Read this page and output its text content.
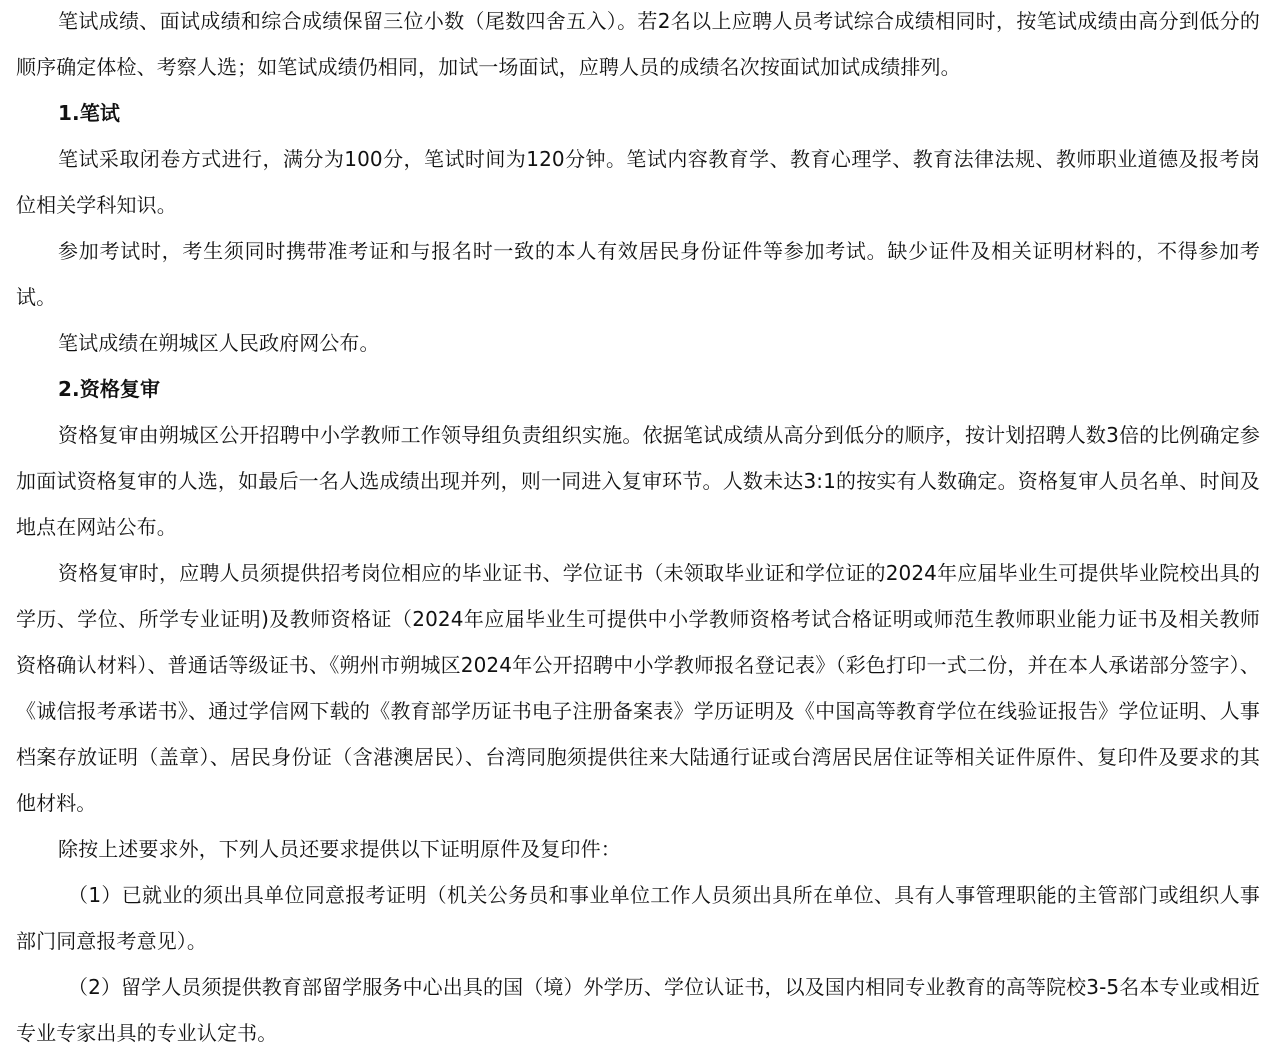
笔试成绩、面试成绩和综合成绩保留三位小数（尾数四舍五入）。若2名以上应聘人员考试综合成绩相同时，按笔试成绩由高分到低分的顺序确定体检、考察人选；如笔试成绩仍相同，加试一场面试，应聘人员的成绩名次按面试加试成绩排列。

1.笔试

笔试采取闭卷方式进行，满分为100分，笔试时间为120分钟。笔试内容教育学、教育心理学、教育法律法规、教师职业道德及报考岗位相关学科知识。

参加考试时，考生须同时携带准考证和与报名时一致的本人有效居民身份证件等参加考试。缺少证件及相关证明材料的，不得参加考试。

笔试成绩在朔城区人民政府网公布。

2.资格复审

资格复审由朔城区公开招聘中小学教师工作领导组负责组织实施。依据笔试成绩从高分到低分的顺序，按计划招聘人数3倍的比例确定参加面试资格复审的人选，如最后一名人选成绩出现并列，则一同进入复审环节。人数未达3:1的按实有人数确定。资格复审人员名单、时间及地点在网站公布。

资格复审时，应聘人员须提供招考岗位相应的毕业证书、学位证书（未领取毕业证和学位证的2024年应届毕业生可提供毕业院校出具的学历、学位、所学专业证明)及教师资格证（2024年应届毕业生可提供中小学教师资格考试合格证明或师范生教师职业能力证书及相关教师资格确认材料）、普通话等级证书、《朔州市朔城区2024年公开招聘中小学教师报名登记表》（彩色打印一式二份，并在本人承诺部分签字）、《诚信报考承诺书》、通过学信网下载的《教育部学历证书电子注册备案表》学历证明及《中国高等教育学位在线验证报告》学位证明、人事档案存放证明（盖章）、居民身份证（含港澳居民）、台湾同胞须提供往来大陆通行证或台湾居民居住证等相关证件原件、复印件及要求的其他材料。

除按上述要求外，下列人员还要求提供以下证明原件及复印件：

（1）已就业的须出具单位同意报考证明（机关公务员和事业单位工作人员须出具所在单位、具有人事管理职能的主管部门或组织人事部门同意报考意见）。

（2）留学人员须提供教育部留学服务中心出具的国（境）外学历、学位认证书，以及国内相同专业教育的高等院校3-5名本专业或相近专业专家出具的专业认定书。
